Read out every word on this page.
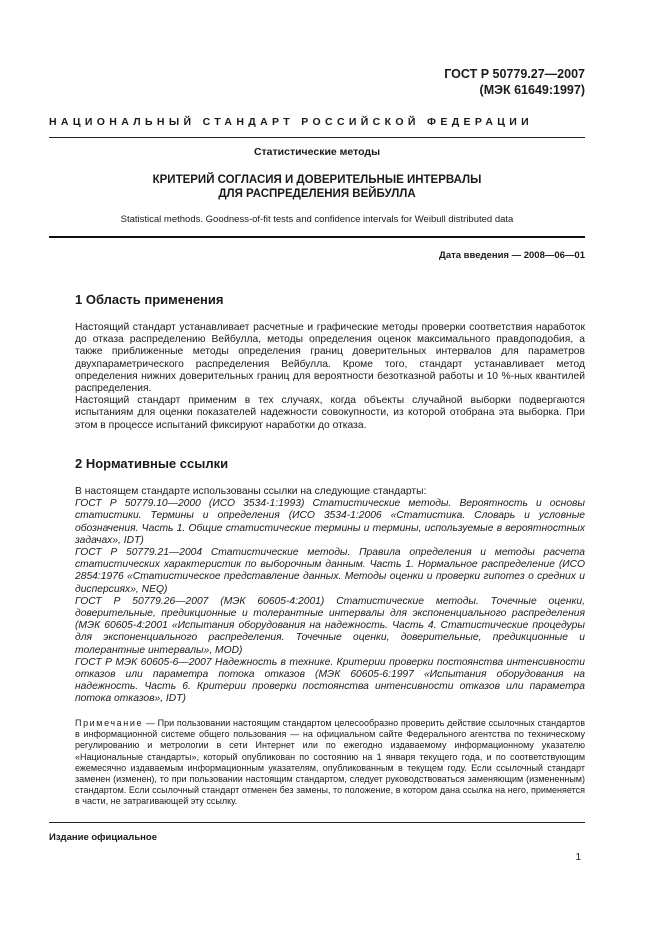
ГОСТ Р 50779.27—2007
(МЭК 61649:1997)
НАЦИОНАЛЬНЫЙ СТАНДАРТ РОССИЙСКОЙ ФЕДЕРАЦИИ
Статистические методы
КРИТЕРИЙ СОГЛАСИЯ И ДОВЕРИТЕЛЬНЫЕ ИНТЕРВАЛЫ
ДЛЯ РАСПРЕДЕЛЕНИЯ ВЕЙБУЛЛА
Statistical methods. Goodness-of-fit tests and confidence intervals for Weibull distributed data
Дата введения — 2008—06—01
1 Область применения

Настоящий стандарт устанавливает расчетные и графические методы проверки соответствия наработок до отказа распределению Вейбулла, методы определения оценок максимального правдоподобия, а также приближенные методы определения границ доверительных интервалов для параметров двухпараметрического распределения Вейбулла. Кроме того, стандарт устанавливает метод определения нижних доверительных границ для вероятности безотказной работы и 10 %-ных квантилей распределения.

Настоящий стандарт применим в тех случаях, когда объекты случайной выборки подвергаются испытаниям для оценки показателей надежности совокупности, из которой отобрана эта выборка. При этом в процессе испытаний фиксируют наработки до отказа.

2 Нормативные ссылки

В настоящем стандарте использованы ссылки на следующие стандарты:

ГОСТ Р 50779.10—2000 (ИСО 3534-1:1993) Статистические методы. Вероятность и основы статистики. Термины и определения (ИСО 3534-1:2006 «Статистика. Словарь и условные обозначения. Часть 1. Общие статистические термины и термины, используемые в вероятностных задачах», IDT)

ГОСТ Р 50779.21—2004 Статистические методы. Правила определения и методы расчета статистических характеристик по выборочным данным. Часть 1. Нормальное распределение (ИСО 2854:1976 «Статистическое представление данных. Методы оценки и проверки гипотез о средних и дисперсиях», NEQ)

ГОСТ Р 50779.26—2007 (МЭК 60605-4:2001) Статистические методы. Точечные оценки, доверительные, предикционные и толерантные интервалы для экспоненциального распределения (МЭК 60605-4:2001 «Испытания оборудования на надежность. Часть 4. Статистические процедуры для экспоненциального распределения. Точечные оценки, доверительные, предикционные и толерантные интервалы», MOD)

ГОСТ Р МЭК 60605-6—2007 Надежность в технике. Критерии проверки постоянства интенсивности отказов или параметра потока отказов (МЭК 60605-6:1997 «Испытания оборудования на надежность. Часть 6. Критерии проверки постоянства интенсивности отказов или параметра потока отказов», IDT)

Примечание — При пользовании настоящим стандартом целесообразно проверить действие ссылочных стандартов в информационной системе общего пользования — на официальном сайте Федерального агентства по техническому регулированию и метрологии в сети Интернет или по ежегодно издаваемому информационному указателю «Национальные стандарты», который опубликован по состоянию на 1 января текущего года, и по соответствующим ежемесячно издаваемым информационным указателям, опубликованным в текущем году. Если ссылочный стандарт заменен (изменен), то при пользовании настоящим стандартом, следует руководствоваться заменяющим (измененным) стандартом. Если ссылочный стандарт отменен без замены, то положение, в котором дана ссылка на него, применяется в части, не затрагивающей эту ссылку.
Издание официальное
1
